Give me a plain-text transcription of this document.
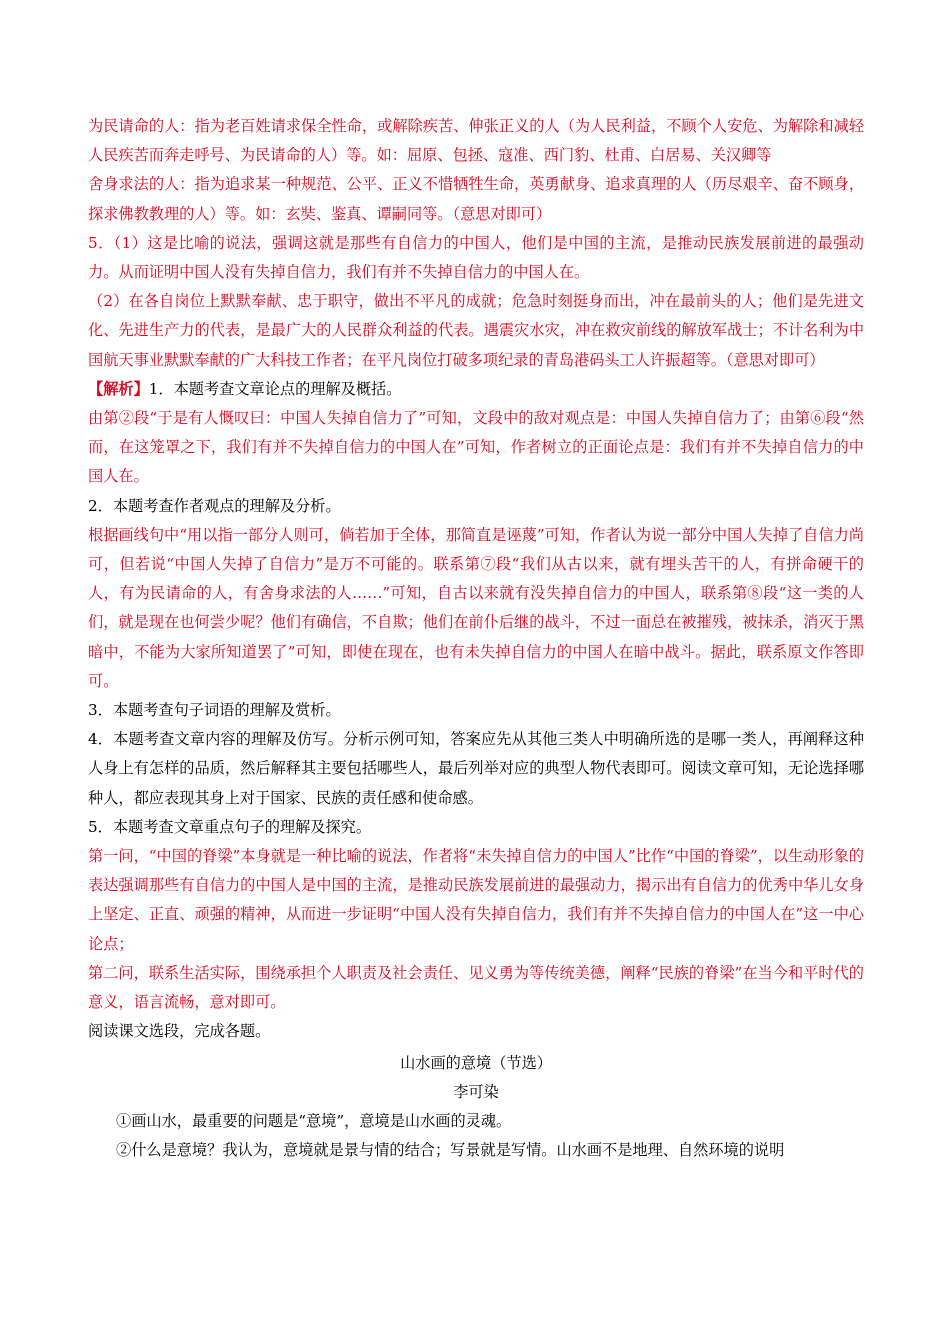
为民请命的人：指为老百姓请求保全性命，或解除疾苦、伸张正义的人（为人民利益，不顾个人安危、为解除和减轻人民疾苦而奔走呼号、为民请命的人）等。如：屈原、包拯、寇准、西门豹、杜甫、白居易、关汉卿等

舍身求法的人：指为追求某一种规范、公平、正义不惜牺牲生命，英勇献身、追求真理的人（历尽艰辛、奋不顾身，探求佛教教理的人）等。如：玄奘、鉴真、谭嗣同等。（意思对即可）

5．（1）这是比喻的说法，强调这就是那些有自信力的中国人，他们是中国的主流，是推动民族发展前进的最强动力。从而证明中国人没有失掉自信力，我们有并不失掉自信力的中国人在。

（2）在各自岗位上默默奉献、忠于职守，做出不平凡的成就；危急时刻挺身而出，冲在最前头的人；他们是先进文化、先进生产力的代表，是最广大的人民群众利益的代表。遇震灾水灾，冲在救灾前线的解放军战士；不计名利为中国航天事业默默奉献的广大科技工作者；在平凡岗位打破多项纪录的青岛港码头工人许振超等。（意思对即可）

【解析】1．本题考查文章论点的理解及概括。

由第②段“于是有人慨叹曰：中国人失掉自信力了”可知，文段中的敌对观点是：中国人失掉自信力了；由第⑥段“然而，在这笼罩之下，我们有并不失掉自信力的中国人在”可知，作者树立的正面论点是：我们有并不失掉自信力的中国人在。

2．本题考查作者观点的理解及分析。

根据画线句中“用以指一部分人则可，倘若加于全体，那简直是诬蔑”可知，作者认为说一部分中国人失掉了自信力尚可，但若说“中国人失掉了自信力”是万不可能的。联系第⑦段“我们从古以来，就有埋头苦干的人，有拼命硬干的人，有为民请命的人，有舍身求法的人……”可知，自古以来就有没失掉自信力的中国人，联系第⑧段“这一类的人们，就是现在也何尝少呢？他们有确信，不自欺；他们在前仆后继的战斗，不过一面总在被摧残，被抹杀，消灭于黑暗中，不能为大家所知道罢了”可知，即使在现在，也有未失掉自信力的中国人在暗中战斗。据此，联系原文作答即可。

3．本题考查句子词语的理解及赏析。

4．本题考查文章内容的理解及仿写。分析示例可知，答案应先从其他三类人中明确所选的是哪一类人，再阐释这种人身上有怎样的品质，然后解释其主要包括哪些人，最后列举对应的典型人物代表即可。阅读文章可知，无论选择哪种人，都应表现其身上对于国家、民族的责任感和使命感。

5．本题考查文章重点句子的理解及探究。

第一问，“中国的脊梁”本身就是一种比喻的说法，作者将“未失掉自信力的中国人”比作“中国的脊梁”，以生动形象的表达强调那些有自信力的中国人是中国的主流，是推动民族发展前进的最强动力，揭示出有自信力的优秀中华儿女身上坚定、正直、顽强的精神，从而进一步证明“中国人没有失掉自信力，我们有并不失掉自信力的中国人在”这一中心论点；

第二问，联系生活实际，围绕承担个人职责及社会责任、见义勇为等传统美德，阐释“民族的脊梁”在当今和平时代的意义，语言流畅，意对即可。

阅读课文选段，完成各题。

山水画的意境（节选）

李可染

①画山水，最重要的问题是“意境”，意境是山水画的灵魂。

②什么是意境？我认为，意境就是景与情的结合；写景就是写情。山水画不是地理、自然环境的说明
